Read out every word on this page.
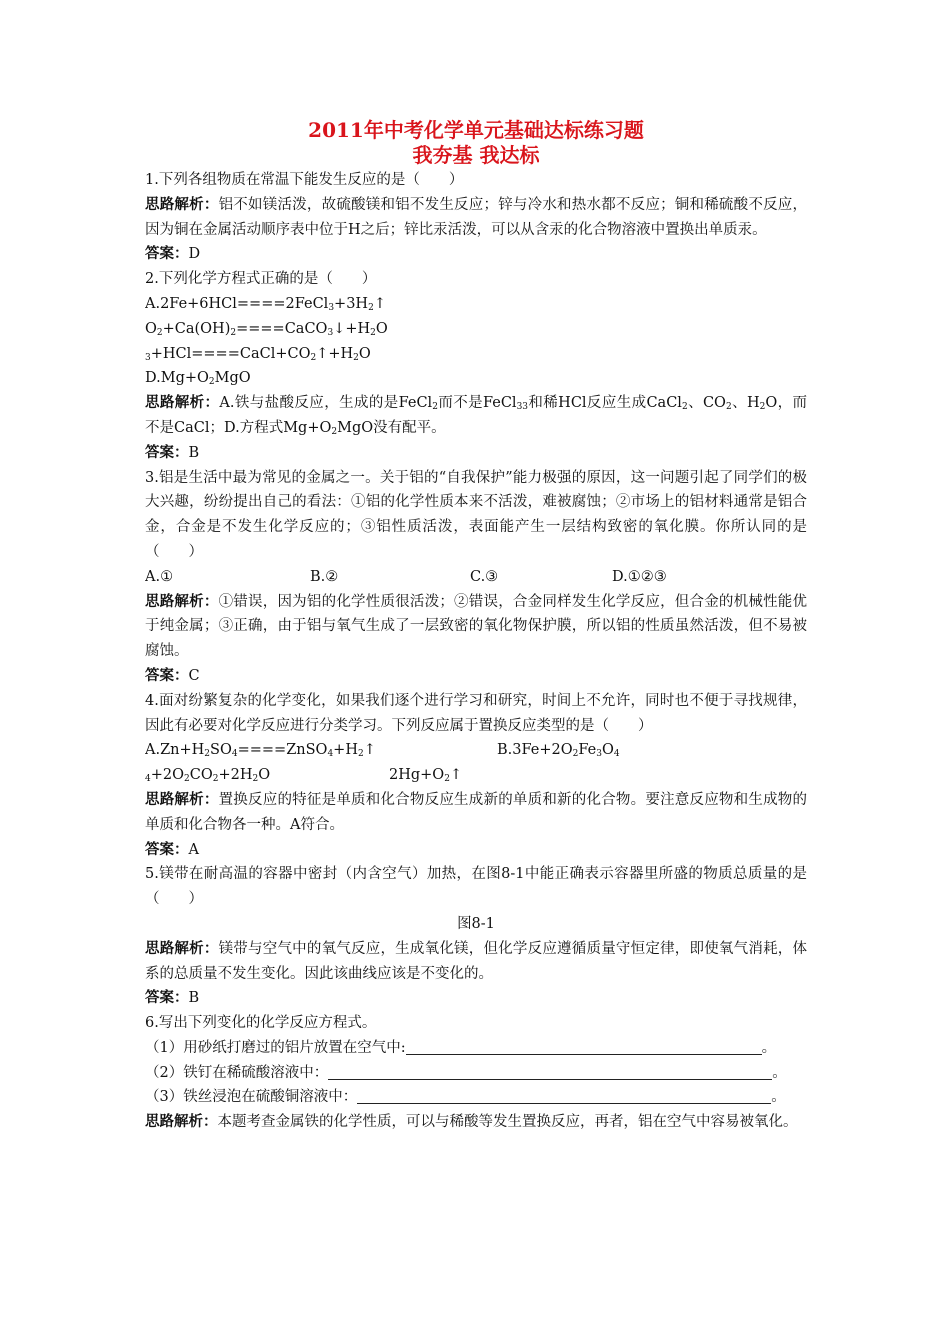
2011年中考化学单元基础达标练习题
我夯基 我达标

1.下列各组物质在常温下能发生反应的是（　　）

思路解析：铝不如镁活泼，故硫酸镁和铝不发生反应；锌与冷水和热水都不反应；铜和稀硫酸不反应，因为铜在金属活动顺序表中位于H之后；锌比汞活泼，可以从含汞的化合物溶液中置换出单质汞。

答案：D

2.下列化学方程式正确的是（　　）

$A.2Fe+6HCl====2FeCl_3+3H_2↑$

$O_2+Ca(OH)_2====CaCO_3↓+H_2O$

$_3+HCl====CaCl+CO_2↑+H_2O$

$D.Mg+O_2MgO$

思路解析：A.铁与盐酸反应，生成的是FeCl$_2$而不是FeCl$_{33}$和稀HCl反应生成CaCl$_2$、$CO_2$、$H_2O$，而不是CaCl；D.方程式$Mg+O_2MgO$没有配平。

答案：B

3.铝是生活中最为常见的金属之一。关于铝的“自我保护”能力极强的原因，这一问题引起了同学们的极大兴趣，纷纷提出自己的看法：①铝的化学性质本来不活泼，难被腐蚀；②市场上的铝材料通常是铝合金，合金是不发生化学反应的；③铝性质活泼，表面能产生一层结构致密的氧化膜。你所认同的是（　　）

A.①	B.②	C.③	D.①②③

思路解析：①错误，因为铝的化学性质很活泼；②错误，合金同样发生化学反应，但合金的机械性能优于纯金属；③正确，由于铝与氧气生成了一层致密的氧化物保护膜，所以铝的性质虽然活泼，但不易被腐蚀。

答案：C

4.面对纷繁复杂的化学变化，如果我们逐个进行学习和研究，时间上不允许，同时也不便于寻找规律，因此有必要对化学反应进行分类学习。下列反应属于置换反应类型的是（　　）

$A.Zn+H_2SO_4====ZnSO_4+H_2↑$	$B.3Fe+2O_2Fe_3O_4$

$_4+2O_2CO_2+2H_2O$	$2Hg+O_2↑$

思路解析：置换反应的特征是单质和化合物反应生成新的单质和新的化合物。要注意反应物和生成物的单质和化合物各一种。A符合。

答案：A

5.镁带在耐高温的容器中密封（内含空气）加热，在图8-1中能正确表示容器里所盛的物质总质量的是（　　）

图8-1

思路解析：镁带与空气中的氧气反应，生成氧化镁，但化学反应遵循质量守恒定律，即使氧气消耗，体系的总质量不发生变化。因此该曲线应该是不变化的。

答案：B

6.写出下列变化的化学反应方程式。

（1）用砂纸打磨过的铝片放置在空气中:	。

（2）铁钉在稀硫酸溶液中：	。

（3）铁丝浸泡在硫酸铜溶液中：	。

思路解析：本题考查金属铁的化学性质，可以与稀酸等发生置换反应，再者，铝在空气中容易被氧化。
